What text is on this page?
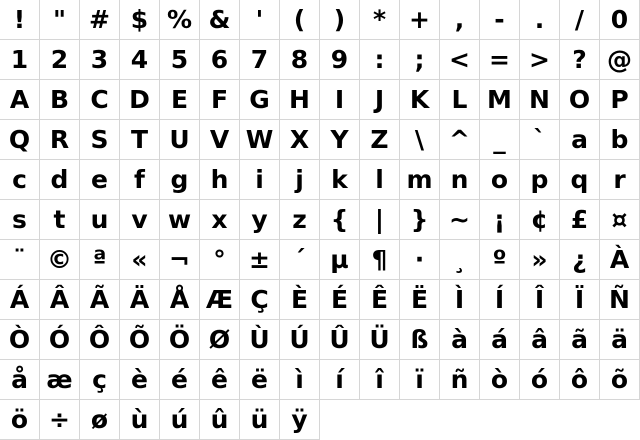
!	" # $ % &	'	(	)	* + ,	-	.	/	0
1 2 3 4 5 6 7 8 9	:	; < = > ? @
A B C D E F G H I	J	K L M N O P
Q R S T U V W X Y Z	\ ^ _	`	a b
c d e	f	g h	i	j	k	l m n o p q r
s	t	u v w x y z {	|	} ~ ¡	¢ £ ¤
¨ © ª « ¬ ° ± ´ µ ¶	·	¸	º » ¿ À
Á Â Ã Ä Å Æ Ç È É Ê Ë	Ì	Í	Î	Ï Ñ
Ò Ó Ô Õ Ö Ø Ù Ú Û Ü ß à á â ã ä
å æ ç è é ê ë	ì	í	î	ï	ñ ò ó ô õ
ö ÷ ø ù ú û ü ÿ
